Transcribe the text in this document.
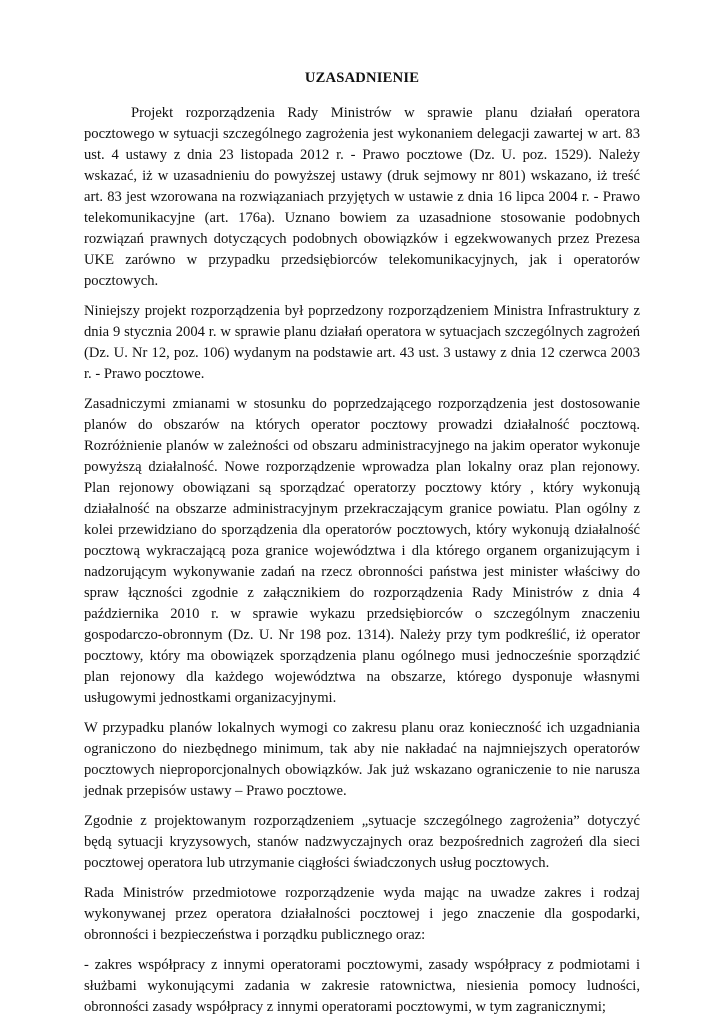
UZASADNIENIE

Projekt rozporządzenia Rady Ministrów w sprawie planu działań operatora pocztowego w sytuacji szczególnego zagrożenia jest wykonaniem delegacji zawartej w art. 83 ust. 4 ustawy z dnia 23 listopada 2012 r. - Prawo pocztowe (Dz. U. poz. 1529). Należy wskazać, iż w uzasadnieniu do powyższej ustawy (druk sejmowy nr 801) wskazano, iż treść art. 83 jest wzorowana na rozwiązaniach przyjętych w ustawie z dnia 16 lipca 2004 r. - Prawo telekomunikacyjne (art. 176a). Uznano bowiem za uzasadnione stosowanie podobnych rozwiązań prawnych dotyczących podobnych obowiązków i egzekwowanych przez Prezesa UKE zarówno w przypadku przedsiębiorców telekomunikacyjnych, jak i operatorów pocztowych.

Niniejszy projekt rozporządzenia był poprzedzony rozporządzeniem Ministra Infrastruktury z dnia 9 stycznia 2004 r. w sprawie planu działań operatora w sytuacjach szczególnych zagrożeń (Dz. U. Nr 12, poz. 106) wydanym na podstawie art. 43 ust. 3 ustawy z dnia 12 czerwca 2003 r. - Prawo pocztowe.

Zasadniczymi zmianami w stosunku do poprzedzającego rozporządzenia jest dostosowanie planów do obszarów na których operator pocztowy prowadzi działalność pocztową. Rozróżnienie planów w zależności od obszaru administracyjnego na jakim operator wykonuje powyższą działalność. Nowe rozporządzenie wprowadza plan lokalny oraz plan rejonowy. Plan rejonowy obowiązani są sporządzać operatorzy pocztowy który , który wykonują działalność na obszarze administracyjnym przekraczającym granice powiatu. Plan ogólny z kolei przewidziano do sporządzenia dla operatorów pocztowych, który wykonują działalność pocztową wykraczającą poza granice województwa i dla którego organem organizującym i nadzorującym wykonywanie zadań na rzecz obronności państwa jest minister właściwy do spraw łączności zgodnie z załącznikiem do rozporządzenia Rady Ministrów z dnia 4 października 2010 r. w sprawie wykazu przedsiębiorców o szczególnym znaczeniu gospodarczo-obronnym (Dz. U. Nr 198 poz. 1314). Należy przy tym podkreślić, iż operator pocztowy, który ma obowiązek sporządzenia planu ogólnego musi jednocześnie sporządzić plan rejonowy dla każdego województwa na obszarze, którego dysponuje własnymi usługowymi jednostkami organizacyjnymi.

W przypadku planów lokalnych wymogi co zakresu planu oraz konieczność ich uzgadniania ograniczono do niezbędnego minimum, tak aby nie nakładać na najmniejszych operatorów pocztowych nieproporcjonalnych obowiązków. Jak już wskazano ograniczenie to nie narusza jednak przepisów ustawy – Prawo pocztowe.

Zgodnie z projektowanym rozporządzeniem „sytuacje szczególnego zagrożenia” dotyczyć będą sytuacji kryzysowych, stanów nadzwyczajnych oraz bezpośrednich zagrożeń dla sieci pocztowej operatora lub utrzymanie ciągłości świadczonych usług pocztowych.

Rada Ministrów przedmiotowe rozporządzenie wyda mając na uwadze zakres i rodzaj wykonywanej przez operatora działalności pocztowej i jego znaczenie dla gospodarki, obronności i bezpieczeństwa i porządku publicznego oraz:

- zakres współpracy z innymi operatorami pocztowymi, zasady współpracy z podmiotami i służbami wykonującymi zadania w zakresie ratownictwa, niesienia pomocy ludności, obronności zasady współpracy z innymi operatorami pocztowymi, w tym zagranicznymi;
